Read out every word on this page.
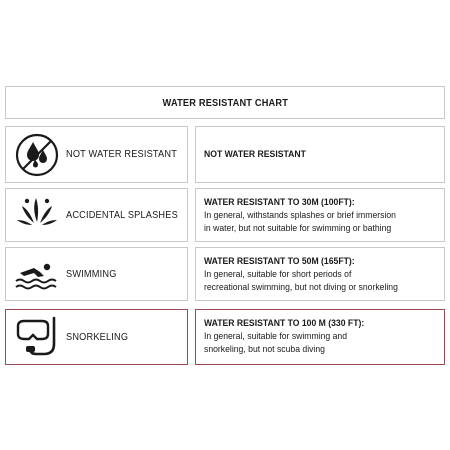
WATER RESISTANT CHART
NOT WATER RESISTANT	NOT WATER RESISTANT
ACCIDENTAL SPLASHES
WATER RESISTANT TO 30M (100FT):
In general, withstands splashes or brief immersion
in water, but not suitable for swimming or bathing
SWIMMING
WATER RESISTANT TO 50M (165FT):
In general, suitable for short periods of
recreational swimming, but not diving or snorkeling
SNORKELING
WATER RESISTANT TO 100 M (330 FT):
In general, suitable for swimming and
snorkeling, but not scuba diving
